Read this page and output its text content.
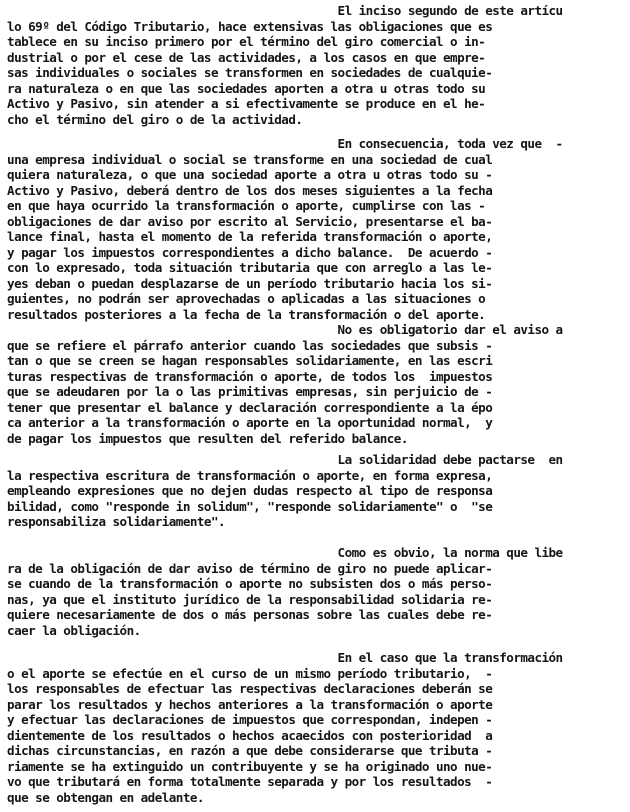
El inciso segundo de este artícu
lo 69º del Código Tributario, hace extensivas las obligaciones que es
tablece en su inciso primero por el término del giro comercial o in-
dustrial o por el cese de las actividades, a los casos en que empre-
sas individuales o sociales se transformen en sociedades de cualquie-
ra naturaleza o en que las sociedades aporten a otra u otras todo su
Activo y Pasivo, sin atender a si efectivamente se produce en el he-
cho el término del giro o de la actividad.
En consecuencia, toda vez que  -
una empresa individual o social se transforme en una sociedad de cual
quiera naturaleza, o que una sociedad aporte a otra u otras todo su -
Activo y Pasivo, deberá dentro de los dos meses siguientes a la fecha
en que haya ocurrido la transformación o aporte, cumplirse con las -
obligaciones de dar aviso por escrito al Servicio, presentarse el ba-
lance final, hasta el momento de la referida transformación o aporte,
y pagar los impuestos correspondientes a dicho balance.  De acuerdo -
con lo expresado, toda situación tributaria que con arreglo a las le-
yes deban o puedan desplazarse de un período tributario hacia los si-
guientes, no podrán ser aprovechadas o aplicadas a las situaciones o
resultados posteriores a la fecha de la transformación o del aporte.
No es obligatorio dar el aviso a
que se refiere el párrafo anterior cuando las sociedades que subsis -
tan o que se creen se hagan responsables solidariamente, en las escri
turas respectivas de transformación o aporte, de todos los  impuestos
que se adeudaren por la o las primitivas empresas, sin perjuicio de -
tener que presentar el balance y declaración correspondiente a la épo
ca anterior a la transformación o aporte en la oportunidad normal,  y
de pagar los impuestos que resulten del referido balance.
La solidaridad debe pactarse  en
la respectiva escritura de transformación o aporte, en forma expresa,
empleando expresiones que no dejen dudas respecto al tipo de responsa
bilidad, como "responde in solidum", "responde solidariamente" o  "se
responsabiliza solidariamente".
Como es obvio, la norma que libe
ra de la obligación de dar aviso de término de giro no puede aplicar-
se cuando de la transformación o aporte no subsisten dos o más perso-
nas, ya que el instituto jurídico de la responsabilidad solidaria re-
quiere necesariamente de dos o más personas sobre las cuales debe re-
caer la obligación.
En el caso que la transformación
o el aporte se efectúe en el curso de un mismo período tributario,  -
los responsables de efectuar las respectivas declaraciones deberán se
parar los resultados y hechos anteriores a la transformación o aporte
y efectuar las declaraciones de impuestos que correspondan, indepen -
dientemente de los resultados o hechos acaecidos con posterioridad  a
dichas circunstancias, en razón a que debe considerarse que tributa -
riamente se ha extinguido un contribuyente y se ha originado uno nue-
vo que tributará en forma totalmente separada y por los resultados  -
que se obtengan en adelante.
